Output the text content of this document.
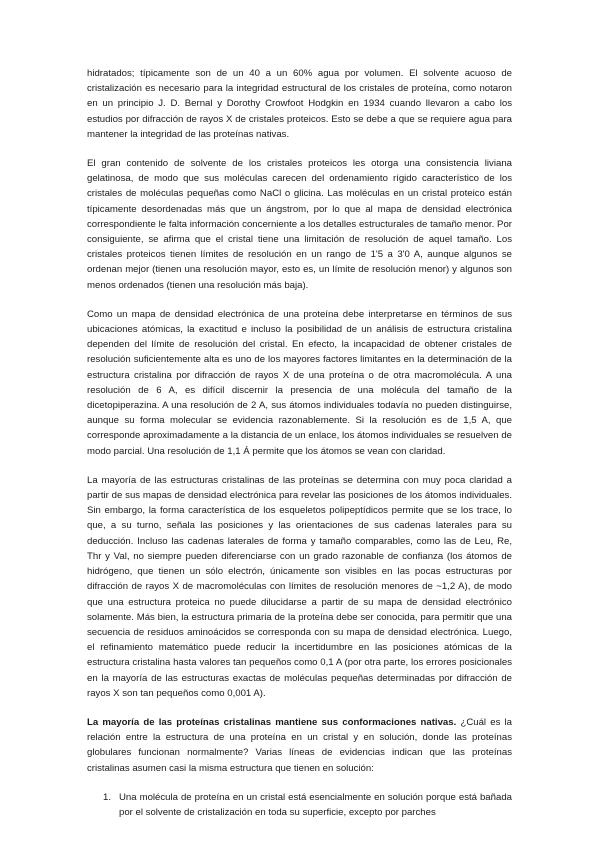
hidratados; típicamente son de un 40 a un 60% agua por volumen. El solvente acuoso de cristalización es necesario para la integridad estructural de los cristales de proteína, como notaron en un principio J. D. Bernal y Dorothy Crowfoot Hodgkin en 1934 cuando llevaron a cabo los estudios por difracción de rayos X de cristales proteicos. Esto se debe a que se requiere agua para mantener la integridad de las proteínas nativas.

El gran contenido de solvente de los cristales proteicos les otorga una consistencia liviana gelatinosa, de modo que sus moléculas carecen del ordenamiento rígido característico de los cristales de moléculas pequeñas como NaCl o glicina. Las moléculas en un cristal proteico están típicamente desordenadas más que un ángstrom, por lo que al mapa de densidad electrónica correspondiente le falta información concerniente a los detalles estructurales de tamaño menor. Por consiguiente, se afirma que el cristal tiene una limitación de resolución de aquel tamaño. Los cristales proteicos tienen límites de resolución en un rango de 1'5 a 3'0 A, aunque algunos se ordenan mejor (tienen una resolución mayor, esto es, un límite de resolución menor) y algunos son menos ordenados (tienen una resolución más baja).

Como un mapa de densidad electrónica de una proteína debe interpretarse en términos de sus ubicaciones atómicas, la exactitud e incluso la posibilidad de un análisis de estructura cristalina dependen del límite de resolución del cristal. En efecto, la incapacidad de obtener cristales de resolución suficientemente alta es uno de los mayores factores limitantes en la determinación de la estructura cristalina por difracción de rayos X de una proteína o de otra macromolécula. A una resolución de 6 A, es difícil discernir la presencia de una molécula del tamaño de la dicetopiperazina. A una resolución de 2 A, sus átomos individuales todavía no pueden distinguirse, aunque su forma molecular se evidencia razonablemente. Si la resolución es de 1,5 A, que corresponde aproximadamente a la distancia de un enlace, los átomos individuales se resuelven de modo parcial. Una resolución de 1,1 Á permite que los átomos se vean con claridad.

La mayoría de las estructuras cristalinas de las proteínas se determina con muy poca claridad a partir de sus mapas de densidad electrónica para revelar las posiciones de los átomos individuales. Sin embargo, la forma característica de los esqueletos polipeptídicos permite que se los trace, lo que, a su turno, señala las posiciones y las orientaciones de sus cadenas laterales para su deducción. Incluso las cadenas laterales de forma y tamaño comparables, como las de Leu, Re, Thr y Val, no siempre pueden diferenciarse con un grado razonable de confianza (los átomos de hidrógeno, que tienen un sólo electrón, únicamente son visibles en las pocas estructuras por difracción de rayos X de macromoléculas con límites de resolución menores de ~1,2 A), de modo que una estructura proteica no puede dilucidarse a partir de su mapa de densidad electrónico solamente. Más bien, la estructura primaria de la proteína debe ser conocida, para permitir que una secuencia de residuos aminoácidos se corresponda con su mapa de densidad electrónica. Luego, el refinamiento matemático puede reducir la incertidumbre en las posiciones atómicas de la estructura cristalina hasta valores tan pequeños como 0,1 A (por otra parte, los errores posicionales en la mayoría de las estructuras exactas de moléculas pequeñas determinadas por difracción de rayos X son tan pequeños como 0,001 A).

La mayoría de las proteínas cristalinas mantiene sus conformaciones nativas. ¿Cuál es la relación entre la estructura de una proteína en un cristal y en solución, donde las proteínas globulares funcionan normalmente? Varias líneas de evidencias indican que las proteínas cristalinas asumen casi la misma estructura que tienen en solución:

1. Una molécula de proteína en un cristal está esencialmente en solución porque está bañada por el solvente de cristalización en toda su superficie, excepto por parches
